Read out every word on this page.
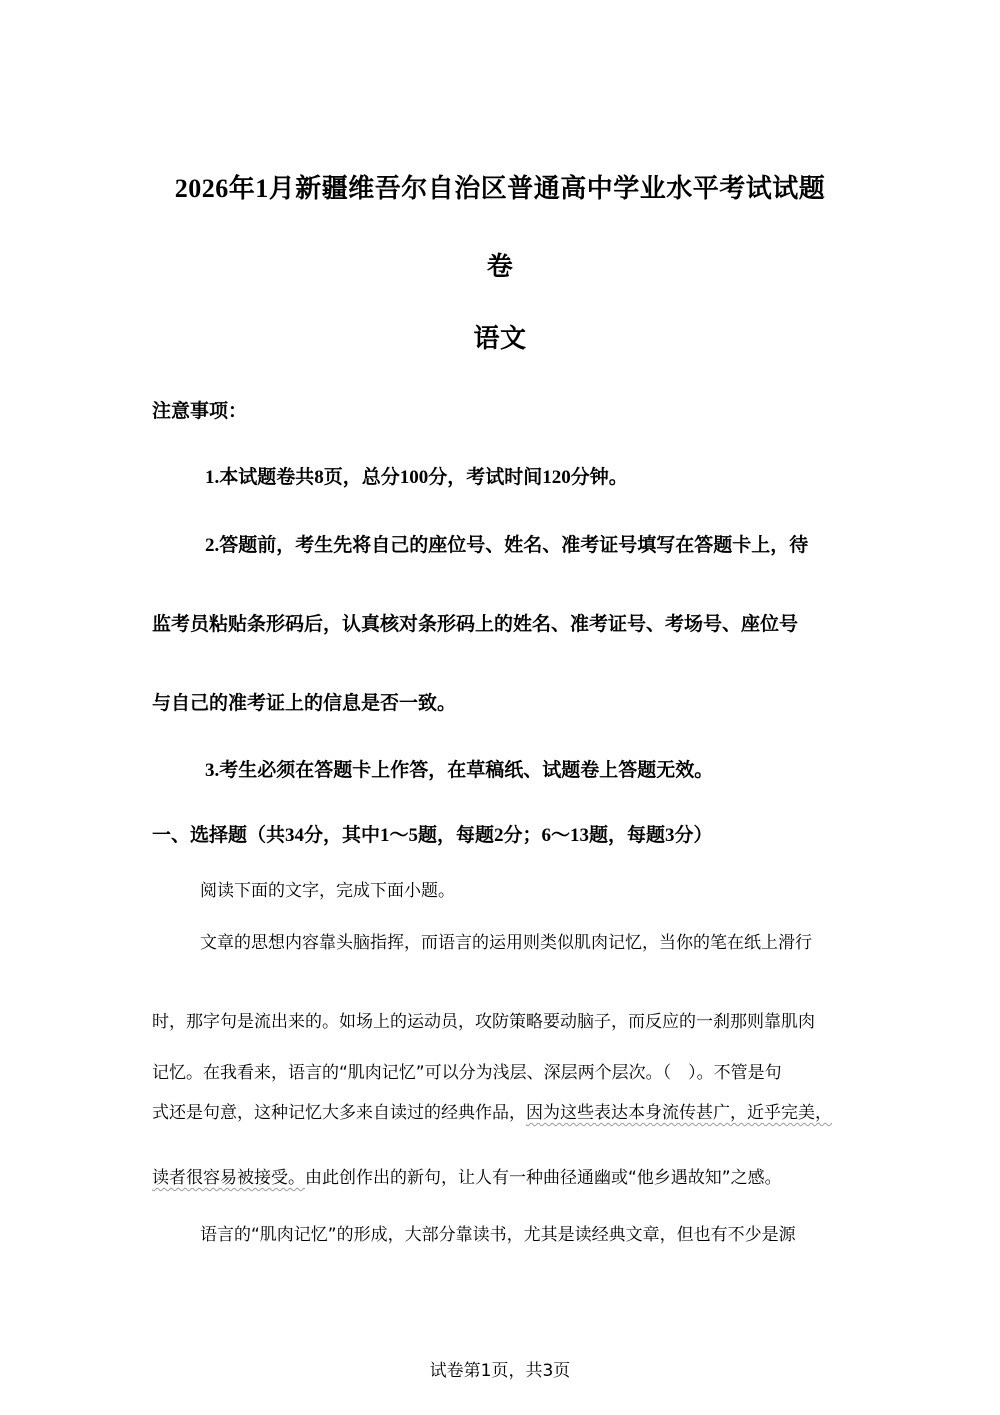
2026年1月新疆维吾尔自治区普通高中学业水平考试试题
卷
语文
注意事项：
1.本试题卷共8页，总分100分，考试时间120分钟。
2.答题前，考生先将自己的座位号、姓名、准考证号填写在答题卡上，待
监考员粘贴条形码后，认真核对条形码上的姓名、准考证号、考场号、座位号
与自己的准考证上的信息是否一致。
3.考生必须在答题卡上作答，在草稿纸、试题卷上答题无效。
一、选择题（共34分，其中1～5题，每题2分；6～13题，每题3分）
阅读下面的文字，完成下面小题。
文章的思想内容靠头脑指挥，而语言的运用则类似肌肉记忆，当你的笔在纸上滑行
时，那字句是流出来的。如场上的运动员，攻防策略要动脑子，而反应的一刹那则靠肌肉
记忆。在我看来，语言的“肌肉记忆”可以分为浅层、深层两个层次。（　）。不管是句
式还是句意，这种记忆大多来自读过的经典作品，因为这些表达本身流传甚广，近乎完美，
读者很容易被接受。由此创作出的新句，让人有一种曲径通幽或“他乡遇故知”之感。
语言的“肌肉记忆”的形成，大部分靠读书，尤其是读经典文章，但也有不少是源
试卷第1页，共3页
